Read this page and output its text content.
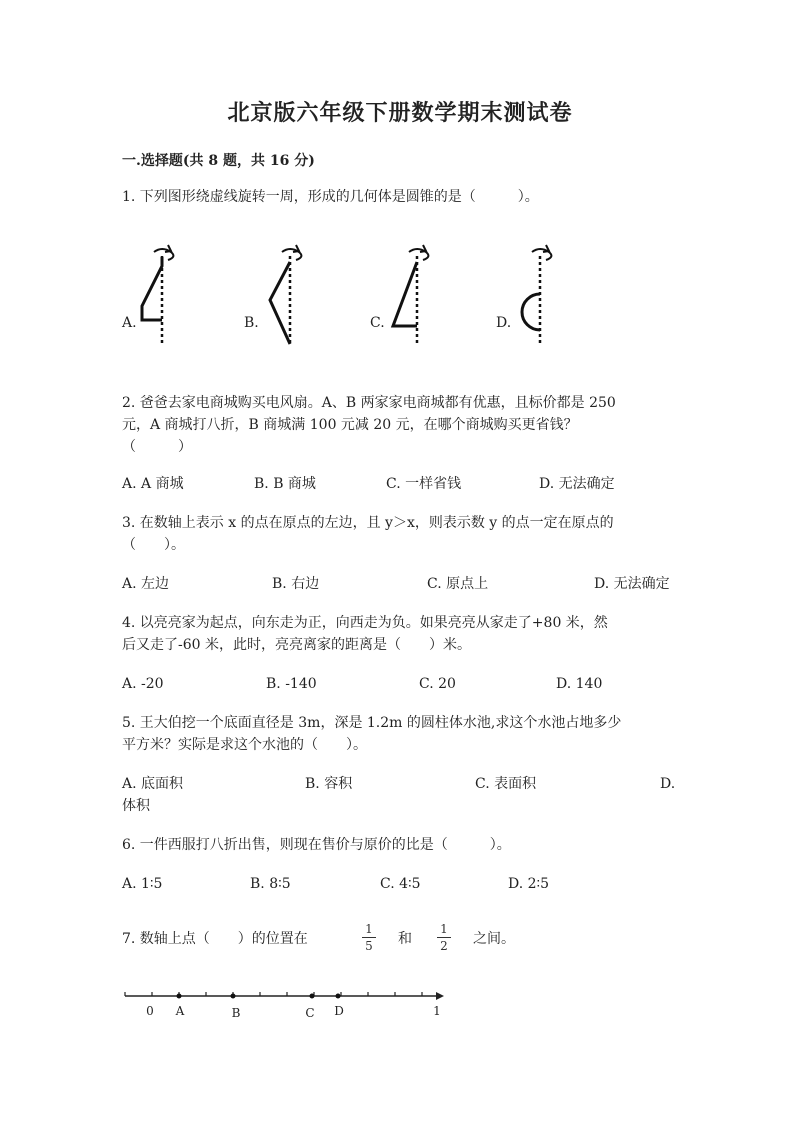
北京版六年级下册数学期末测试卷
一.选择题(共 8 题，共 16 分)
1. 下列图形绕虚线旋转一周，形成的几何体是圆锥的是（　　　）。
A.	B.	C.	D.
2. 爸爸去家电商城购买电风扇。A、B 两家家电商城都有优惠，且标价都是 250
元，A 商城打八折，B 商城满 100 元减 20 元，在哪个商城购买更省钱？
（　　　）
A. A 商城	B. B 商城	C. 一样省钱	D. 无法确定
3. 在数轴上表示 x 的点在原点的左边，且 y＞x，则表示数 y 的点一定在原点的
（　　）。
A. 左边	B. 右边	C. 原点上	D. 无法确定
4. 以亮亮家为起点，向东走为正，向西走为负。如果亮亮从家走了+80 米，然
后又走了-60 米，此时，亮亮离家的距离是（　　）米。
A. -20	B. -140	C. 20	D. 140
5. 王大伯挖一个底面直径是 3m，深是 1.2m 的圆柱体水池,求这个水池占地多少
平方米？实际是求这个水池的（　　）。
A. 底面积	B. 容积	C. 表面积	D.
体积
6. 一件西服打八折出售，则现在售价与原价的比是（　　　）。
A. 1∶5	B. 8∶5	C. 4∶5	D. 2∶5
7. 数轴上点（　　）的位置在
1
5 和
1
2 之间。
0 A	B	C D	1
